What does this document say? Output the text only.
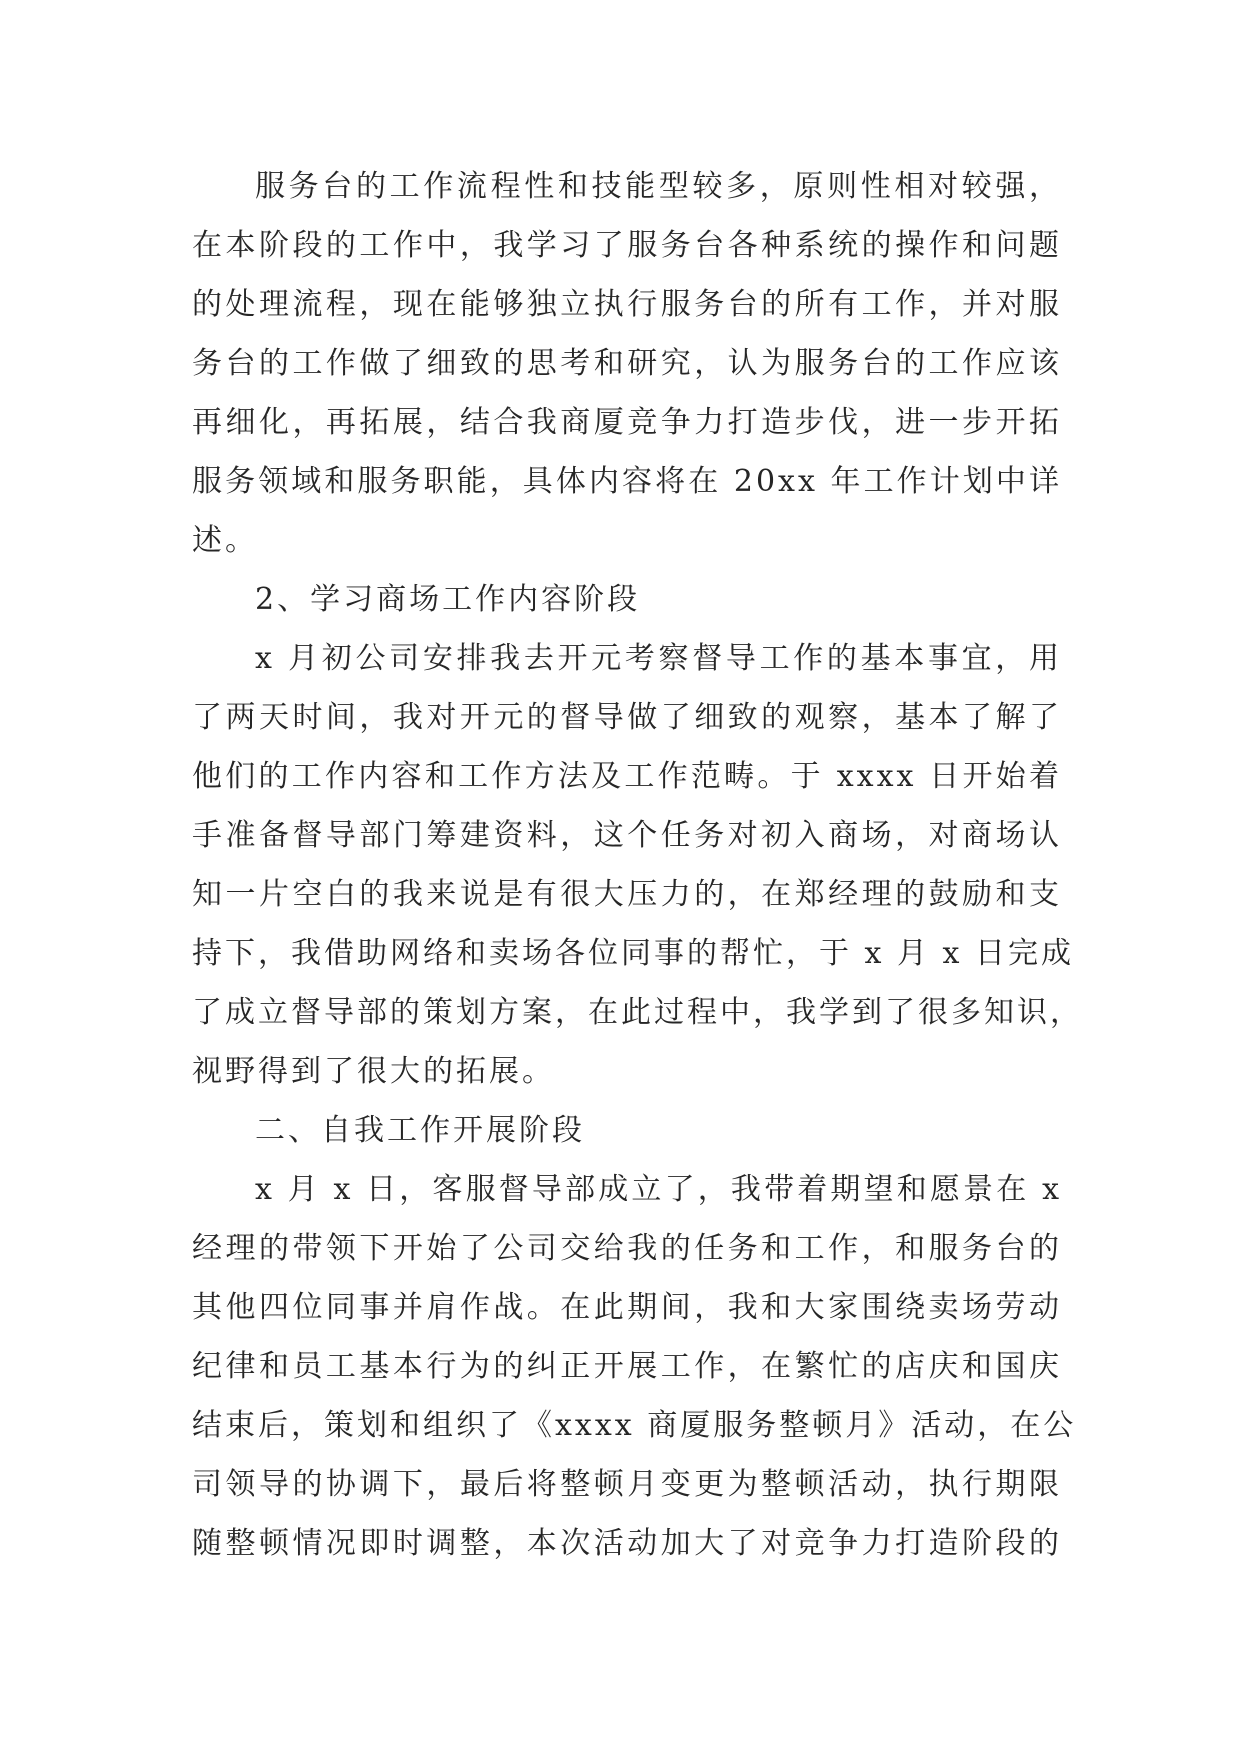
服务台的工作流程性和技能型较多，原则性相对较强，
在本阶段的工作中，我学习了服务台各种系统的操作和问题
的处理流程，现在能够独立执行服务台的所有工作，并对服
务台的工作做了细致的思考和研究，认为服务台的工作应该
再细化，再拓展，结合我商厦竞争力打造步伐，进一步开拓
服务领域和服务职能，具体内容将在 20xx 年工作计划中详
述。
2、学习商场工作内容阶段
x 月初公司安排我去开元考察督导工作的基本事宜，用
了两天时间，我对开元的督导做了细致的观察，基本了解了
他们的工作内容和工作方法及工作范畴。于 xxxx 日开始着
手准备督导部门筹建资料，这个任务对初入商场，对商场认
知一片空白的我来说是有很大压力的，在郑经理的鼓励和支
持下，我借助网络和卖场各位同事的帮忙，于 x 月 x 日完成
了成立督导部的策划方案，在此过程中，我学到了很多知识，
视野得到了很大的拓展。
二、自我工作开展阶段
x 月 x 日，客服督导部成立了，我带着期望和愿景在 x
经理的带领下开始了公司交给我的任务和工作，和服务台的
其他四位同事并肩作战。在此期间，我和大家围绕卖场劳动
纪律和员工基本行为的纠正开展工作，在繁忙的店庆和国庆
结束后，策划和组织了《xxxx 商厦服务整顿月》活动，在公
司领导的协调下，最后将整顿月变更为整顿活动，执行期限
随整顿情况即时调整，本次活动加大了对竞争力打造阶段的
